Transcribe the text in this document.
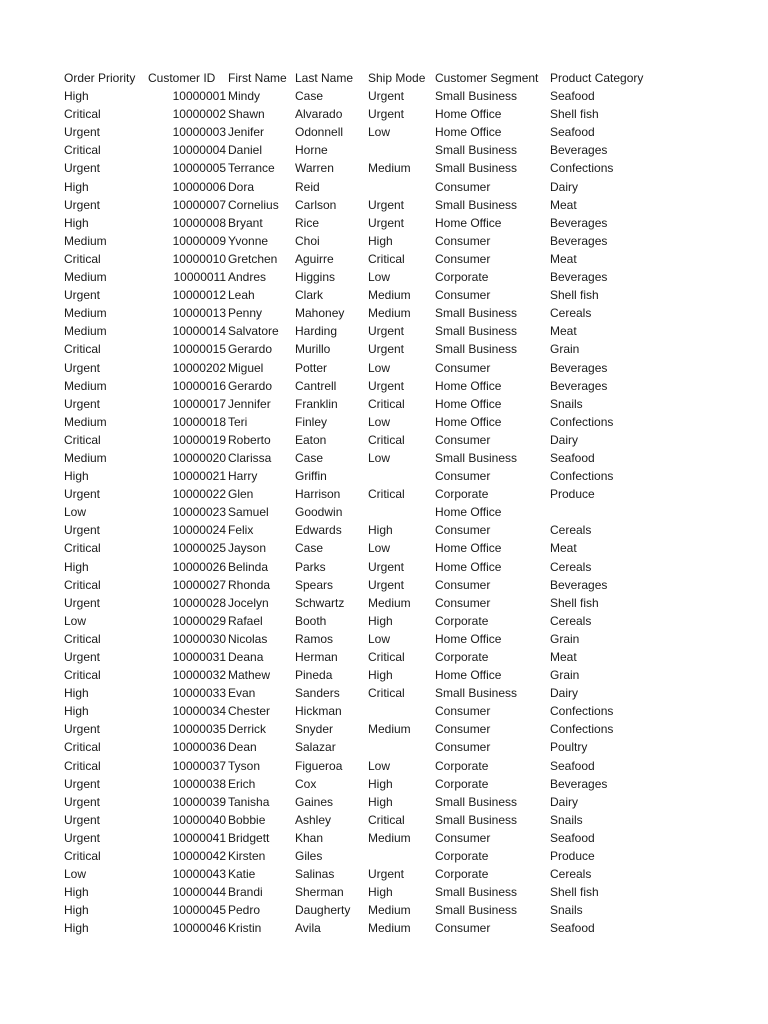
Order Priority	Customer ID	First Name	Last Name	Ship Mode	Customer Segment	Product Category
High	10000001	Mindy	Case	Urgent	Small Business	Seafood
Critical	10000002	Shawn	Alvarado	Urgent	Home Office	Shell fish
Urgent	10000003	Jenifer	Odonnell	Low	Home Office	Seafood
Critical	10000004	Daniel	Horne		Small Business	Beverages
Urgent	10000005	Terrance	Warren	Medium	Small Business	Confections
High	10000006	Dora	Reid		Consumer	Dairy
Urgent	10000007	Cornelius	Carlson	Urgent	Small Business	Meat
High	10000008	Bryant	Rice	Urgent	Home Office	Beverages
Medium	10000009	Yvonne	Choi	High	Consumer	Beverages
Critical	10000010	Gretchen	Aguirre	Critical	Consumer	Meat
Medium	10000011	Andres	Higgins	Low	Corporate	Beverages
Urgent	10000012	Leah	Clark	Medium	Consumer	Shell fish
Medium	10000013	Penny	Mahoney	Medium	Small Business	Cereals
Medium	10000014	Salvatore	Harding	Urgent	Small Business	Meat
Critical	10000015	Gerardo	Murillo	Urgent	Small Business	Grain
Urgent	10000202	Miguel	Potter	Low	Consumer	Beverages
Medium	10000016	Gerardo	Cantrell	Urgent	Home Office	Beverages
Urgent	10000017	Jennifer	Franklin	Critical	Home Office	Snails
Medium	10000018	Teri	Finley	Low	Home Office	Confections
Critical	10000019	Roberto	Eaton	Critical	Consumer	Dairy
Medium	10000020	Clarissa	Case	Low	Small Business	Seafood
High	10000021	Harry	Griffin		Consumer	Confections
Urgent	10000022	Glen	Harrison	Critical	Corporate	Produce
Low	10000023	Samuel	Goodwin		Home Office	
Urgent	10000024	Felix	Edwards	High	Consumer	Cereals
Critical	10000025	Jayson	Case	Low	Home Office	Meat
High	10000026	Belinda	Parks	Urgent	Home Office	Cereals
Critical	10000027	Rhonda	Spears	Urgent	Consumer	Beverages
Urgent	10000028	Jocelyn	Schwartz	Medium	Consumer	Shell fish
Low	10000029	Rafael	Booth	High	Corporate	Cereals
Critical	10000030	Nicolas	Ramos	Low	Home Office	Grain
Urgent	10000031	Deana	Herman	Critical	Corporate	Meat
Critical	10000032	Mathew	Pineda	High	Home Office	Grain
High	10000033	Evan	Sanders	Critical	Small Business	Dairy
High	10000034	Chester	Hickman		Consumer	Confections
Urgent	10000035	Derrick	Snyder	Medium	Consumer	Confections
Critical	10000036	Dean	Salazar		Consumer	Poultry
Critical	10000037	Tyson	Figueroa	Low	Corporate	Seafood
Urgent	10000038	Erich	Cox	High	Corporate	Beverages
Urgent	10000039	Tanisha	Gaines	High	Small Business	Dairy
Urgent	10000040	Bobbie	Ashley	Critical	Small Business	Snails
Urgent	10000041	Bridgett	Khan	Medium	Consumer	Seafood
Critical	10000042	Kirsten	Giles		Corporate	Produce
Low	10000043	Katie	Salinas	Urgent	Corporate	Cereals
High	10000044	Brandi	Sherman	High	Small Business	Shell fish
High	10000045	Pedro	Daugherty	Medium	Small Business	Snails
High	10000046	Kristin	Avila	Medium	Consumer	Seafood
